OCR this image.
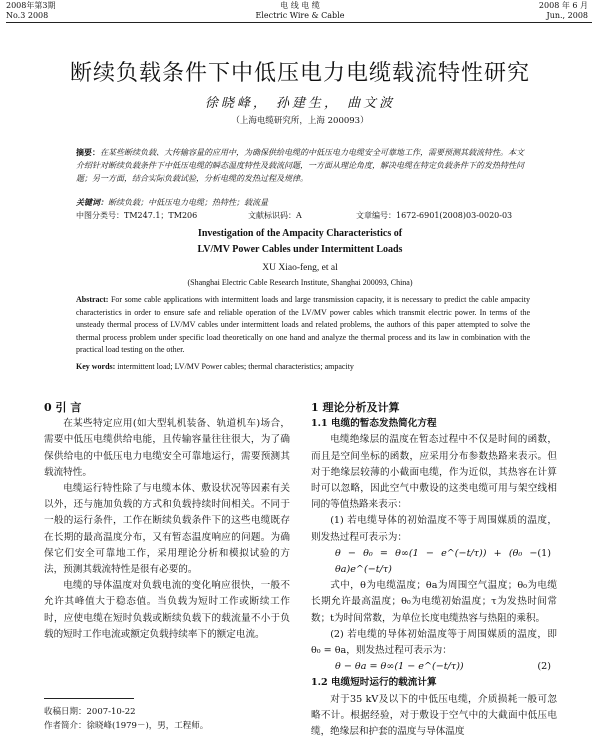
2008年第3期
No.3 2008
电 线 电 缆
Electric Wire & Cable
2008 年 6 月
Jun., 2008
断续负载条件下中低压电力电缆载流特性研究
徐晓峰， 孙建生， 曲文波
（上海电缆研究所，上海 200093）
摘要：在某些断续负载、大传输容量的应用中，为确保供给电缆的中低压电力电缆安全可靠地工作，需要预测其载流特性。本文介绍针对断续负载条件下中低压电缆的瞬态温度特性及载流问题，一方面从理论角度，解决电缆在特定负载条件下的发热特性问题；另一方面，结合实际负载试验，分析电缆的发热过程及规律。
关键词：断续负载；中低压电力电缆；热特性；载流量
中图分类号：TM247.1；TM206	文献标识码：A	文章编号：1672-6901(2008)03-0020-03
Investigation of the Ampacity Characteristics of
LV/MV Power Cables under Intermittent Loads
XU Xiao-feng, et al
(Shanghai Electric Cable Research Institute, Shanghai 200093, China)
Abstract: For some cable applications with intermittent loads and large transmission capacity, it is necessary to predict the cable ampacity characteristics in order to ensure safe and reliable operation of the LV/MV power cables which transmit electric power. In terms of the unsteady thermal process of LV/MV cables under intermittent loads and related problems, the authors of this paper attempted to solve the thermal process problem under specific load theoretically on one hand and analyze the thermal process and its law in combination with the practical load testing on the other.
Key words: intermittent load; LV/MV Power cables; thermal characteristics; ampacity

0 引 言

在某些特定应用(如大型轧机装备、轨道机车)场合，需要中低压电缆供给电能，且传输容量往往很大，为了确保供给电的中低压电力电缆安全可靠地运行，需要预测其载流特性。

电缆运行特性除了与电缆本体、敷设状况等因素有关以外，还与施加负载的方式和负载持续时间相关。不同于一般的运行条件，工作在断续负载条件下的这些电缆既存在长期的最高温度分布，又有暂态温度响应的问题。为确保它们安全可靠地工作，采用理论分析和模拟试验的方法，预测其载流特性是很有必要的。

电缆的导体温度对负载电流的变化响应很快，一般不允许其峰值大于稳态值。当负载为短时工作或断续工作时，应使电缆在短时负载或断续负载下的载流量不小于负载的短时工作电流或额定负载持续率下的额定电流。

1 理论分析及计算

1.1 电缆的暂态发热简化方程

电缆绝缘层的温度在暂态过程中不仅是时间的函数，而且是空间坐标的函数，应采用分布参数热路来表示。但对于绝缘层较薄的小截面电缆，作为近似，其热容在计算时可以忽略，因此空气中敷设的这类电缆可用与架空线相同的等值热路来表示：

(1) 若电缆导体的初始温度不等于周围媒质的温度，则发热过程可表示为：

θ − θ₀ = θ∞(1 − e^(−t/τ)) + (θ₀ − θa)e^(−t/τ)
(1)

式中，θ为电缆温度；θa为周围空气温度；θ₀为电缆长期允许最高温度；θ₀为电缆初始温度；τ为发热时间常数；t为时间常数，为单位长度电缆热容与热阻的乘积。

(2) 若电缆的导体初始温度等于周围媒质的温度，即θ₀ = θa，则发热过程可表示为：

θ − θa = θ∞(1 − e^(−t/τ))	(2)

1.2 电缆短时运行的载流计算

对于35 kV及以下的中低压电缆，介质损耗一般可忽略不计。根据经验，对于敷设于空气中的大截面中低压电缆，绝缘层和护套的温度与导体温度

收稿日期：2007-10-22
作者简介：徐晓峰(1979－)，男，工程师。
